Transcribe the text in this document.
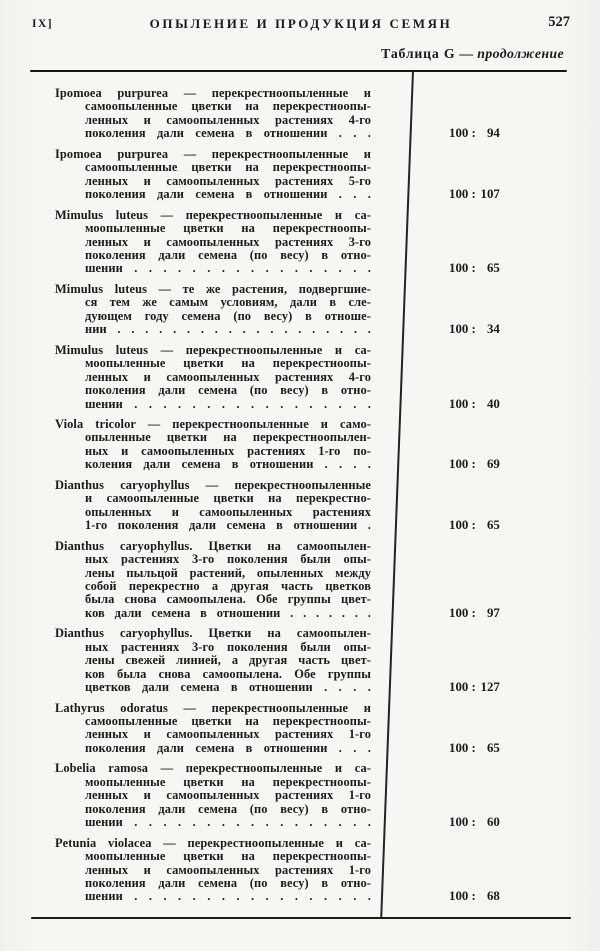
IX]	ОПЫЛЕНИЕ И ПРОДУКЦИЯ СЕМЯН	527
Таблица G — продолжение
Ipomoea purpurea — перекрестноопыленные и
самоопыленные цветки на перекрестноопы-
ленных и самоопыленных растениях 4-го
поколения дали семена в отношении . . .	100 : 94
Ipomoea purpurea — перекрестноопыленные и
самоопыленные цветки на перекрестноопы-
ленных и самоопыленных растениях 5-го
поколения дали семена в отношении . . .	100 : 107
Mimulus luteus — перекрестноопыленные и са-
моопыленные цветки на перекрестноопы-
ленных и самоопыленных растениях 3-го
поколения дали семена (по весу) в отно-
шении . . . . . . . . . . . . . . . . .	100 : 65
Mimulus luteus — те же растения, подвергшие-
ся тем же самым условиям, дали в сле-
дующем году семена (по весу) в отноше-
нии . . . . . . . . . . . . . . . . . . .	100 : 34
Mimulus luteus — перекрестноопыленные и са-
моопыленные цветки на перекрестноопы-
ленных и самоопыленных растениях 4-го
поколения дали семена (по весу) в отно-
шении . . . . . . . . . . . . . . . . .	100 : 40
Viola tricolor — перекрестноопыленные и само-
опыленные цветки на перекрестноопылен-
ных и самоопыленных растениях 1-го по-
коления дали семена в отношении . . . .	100 : 69
Dianthus caryophyllus — перекрестноопыленные
и самоопыленные цветки на перекрестно-
опыленных и самоопыленных растениях
1-го поколения дали семена в отношении .	100 : 65
Dianthus caryophyllus. Цветки на самоопылен-
ных растениях 3-го поколения были опы-
лены пыльцой растений, опыленных между
собой перекрестно а другая часть цветков
была снова самоопылена. Обе группы цвет-
ков дали семена в отношении . . . . . . .	100 : 97
Dianthus caryophyllus. Цветки на самоопылен-
ных растениях 3-го поколения были опы-
лены свежей линией, а другая часть цвет-
ков была снова самоопылена. Обе группы
цветков дали семена в отношении . . . .	100 : 127
Lathyrus odoratus — перекрестноопыленные и
самоопыленные цветки на перекрестноопы-
ленных и самоопыленных растениях 1-го
поколения дали семена в отношении . . .	100 : 65
Lobelia ramosa — перекрестноопыленные и са-
моопыленные цветки на перекрестноопы-
ленных и самоопыленных растениях 1-го
поколения дали семена (по весу) в отно-
шении . . . . . . . . . . . . . . . . .	100 : 60
Petunia violacea — перекрестноопыленные и са-
моопыленные цветки на перекрестноопы-
ленных и самоопыленных растениях 1-го
поколения дали семена (по весу) в отно-
шении . . . . . . . . . . . . . . . . .	100 : 68
